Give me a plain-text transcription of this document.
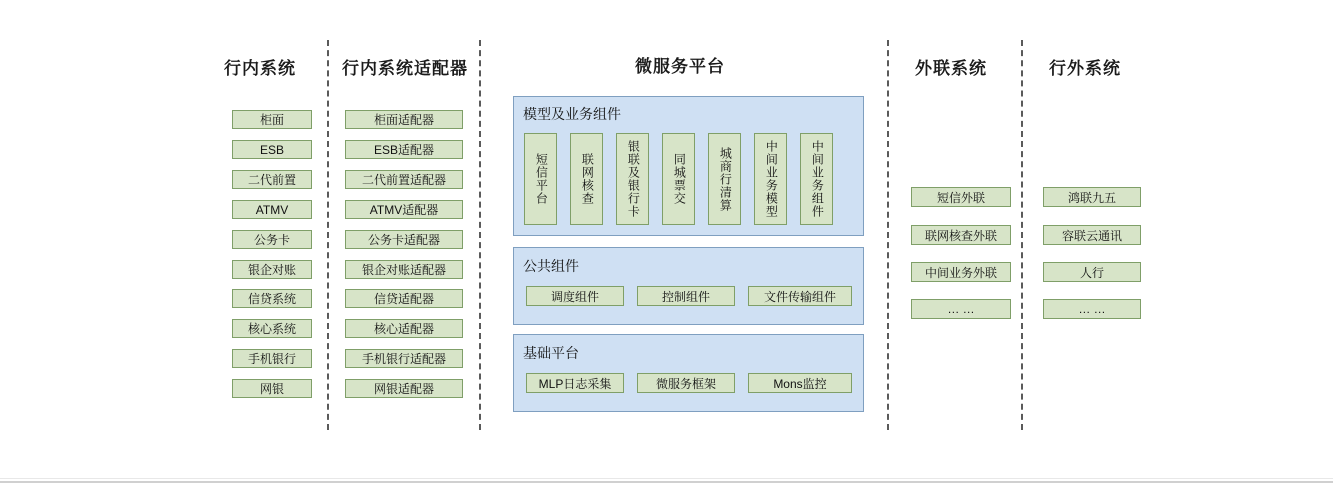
行内系统	行内系统适配器	微服务平台	外联系统	行外系统
柜面
ESB
二代前置
ATMV
公务卡
银企对账
信贷系统
核心系统
手机银行
网银
柜面适配器
ESB适配器
二代前置适配器
ATMV适配器
公务卡适配器
银企对账适配器
信贷适配器
核心适配器
手机银行适配器
网银适配器
模型及业务组件
短信平台	联网核查	银联及银行卡	同城票交	城商行清算	中间业务模型	中间业务组件
公共组件
调度组件	控制组件	文件传输组件
基础平台
MLP日志采集	微服务框架	Mons监控
短信外联
联网核查外联
中间业务外联
… …
鸿联九五
容联云通讯
人行
… …
